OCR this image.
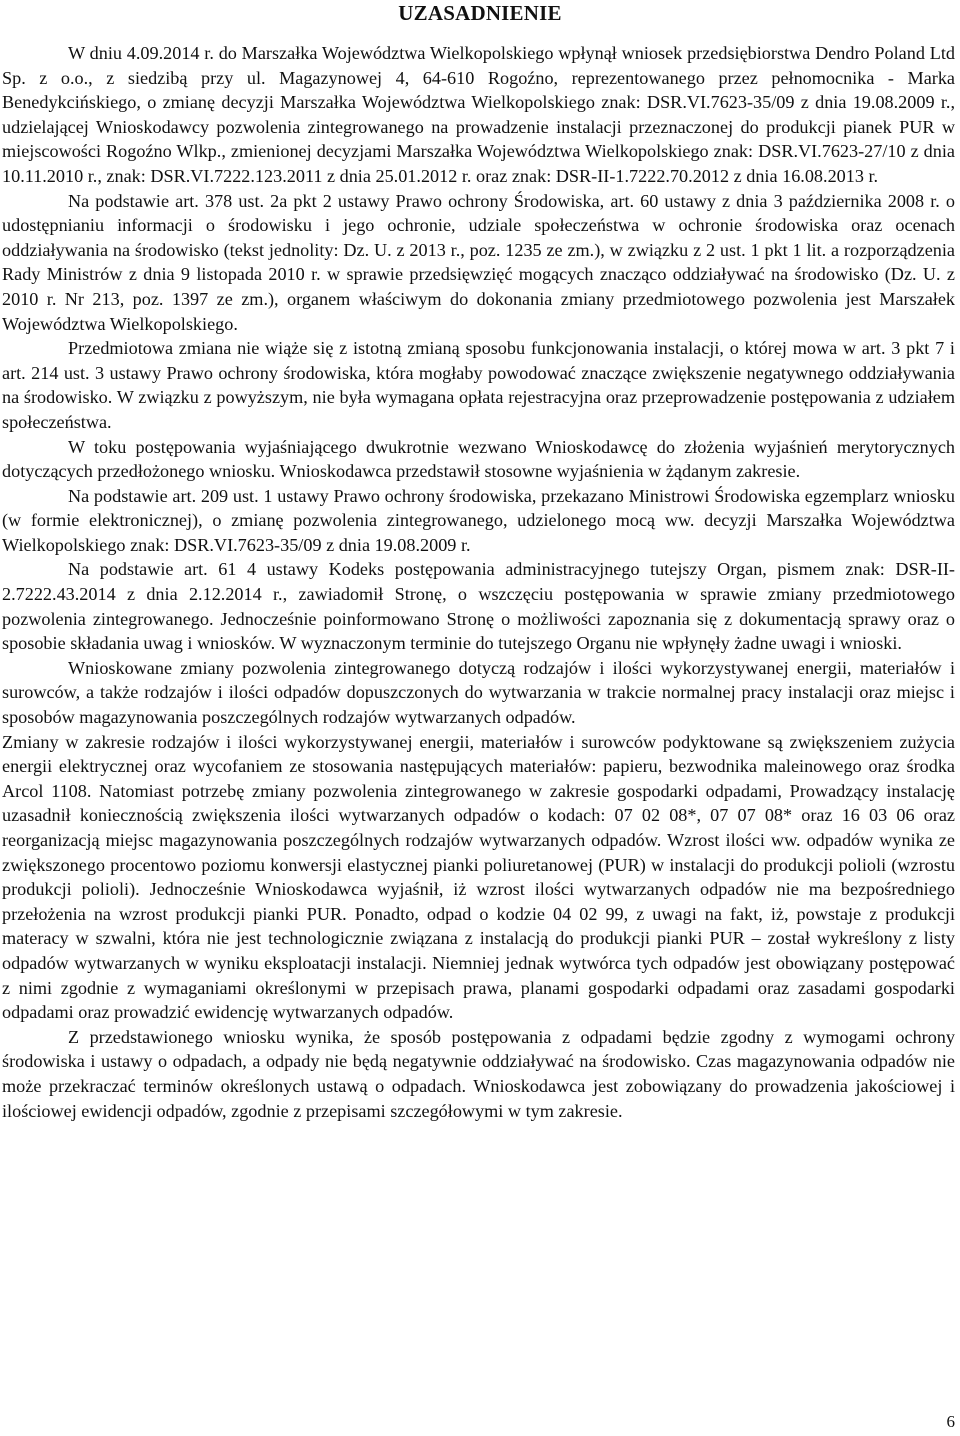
UZASADNIENIE

W dniu 4.09.2014 r. do Marszałka Województwa Wielkopolskiego wpłynął wniosek przedsiębiorstwa Dendro Poland Ltd Sp. z o.o., z siedzibą przy ul. Magazynowej 4, 64-610 Rogoźno, reprezentowanego przez pełnomocnika - Marka Benedykcińskiego, o zmianę decyzji Marszałka Województwa Wielkopolskiego znak: DSR.VI.7623-35/09 z dnia 19.08.2009 r., udzielającej Wnioskodawcy pozwolenia zintegrowanego na prowadzenie instalacji przeznaczonej do produkcji pianek PUR w miejscowości Rogoźno Wlkp., zmienionej decyzjami Marszałka Województwa Wielkopolskiego znak: DSR.VI.7623-27/10 z dnia 10.11.2010 r., znak: DSR.VI.7222.123.2011 z dnia 25.01.2012 r. oraz znak: DSR-II-1.7222.70.2012 z dnia 16.08.2013 r.

Na podstawie art. 378 ust. 2a pkt 2 ustawy Prawo ochrony Środowiska, art. 60 ustawy z dnia 3 października 2008 r. o udostępnianiu informacji o środowisku i jego ochronie, udziale społeczeństwa w ochronie środowiska oraz ocenach oddziaływania na środowisko (tekst jednolity: Dz. U. z 2013 r., poz. 1235 ze zm.), w związku z 2 ust. 1 pkt 1 lit. a rozporządzenia Rady Ministrów z dnia 9 listopada 2010 r. w sprawie przedsięwzięć mogących znacząco oddziaływać na środowisko (Dz. U. z 2010 r. Nr 213, poz. 1397 ze zm.), organem właściwym do dokonania zmiany przedmiotowego pozwolenia jest Marszałek Województwa Wielkopolskiego.

Przedmiotowa zmiana nie wiąże się z istotną zmianą sposobu funkcjonowania instalacji, o której mowa w art. 3 pkt 7 i art. 214 ust. 3 ustawy Prawo ochrony środowiska, która mogłaby powodować znaczące zwiększenie negatywnego oddziaływania na środowisko. W związku z powyższym, nie była wymagana opłata rejestracyjna oraz przeprowadzenie postępowania z udziałem społeczeństwa.

W toku postępowania wyjaśniającego dwukrotnie wezwano Wnioskodawcę do złożenia wyjaśnień merytorycznych dotyczących przedłożonego wniosku. Wnioskodawca przedstawił stosowne wyjaśnienia w żądanym zakresie.

Na podstawie art. 209 ust. 1 ustawy Prawo ochrony środowiska, przekazano Ministrowi Środowiska egzemplarz wniosku (w formie elektronicznej), o zmianę pozwolenia zintegrowanego, udzielonego mocą ww. decyzji Marszałka Województwa Wielkopolskiego znak: DSR.VI.7623-35/09 z dnia 19.08.2009 r.

Na podstawie art. 61 4 ustawy Kodeks postępowania administracyjnego tutejszy Organ, pismem znak: DSR-II-2.7222.43.2014 z dnia 2.12.2014 r., zawiadomił Stronę, o wszczęciu postępowania w sprawie zmiany przedmiotowego pozwolenia zintegrowanego. Jednocześnie poinformowano Stronę o możliwości zapoznania się z dokumentacją sprawy oraz o sposobie składania uwag i wniosków. W wyznaczonym terminie do tutejszego Organu nie wpłynęły żadne uwagi i wnioski.

Wnioskowane zmiany pozwolenia zintegrowanego dotyczą rodzajów i ilości wykorzystywanej energii, materiałów i surowców, a także rodzajów i ilości odpadów dopuszczonych do wytwarzania w trakcie normalnej pracy instalacji oraz miejsc i sposobów magazynowania poszczególnych rodzajów wytwarzanych odpadów.

Zmiany w zakresie rodzajów i ilości wykorzystywanej energii, materiałów i surowców podyktowane są zwiększeniem zużycia energii elektrycznej oraz wycofaniem ze stosowania następujących materiałów: papieru, bezwodnika maleinowego oraz środka Arcol 1108. Natomiast potrzebę zmiany pozwolenia zintegrowanego w zakresie gospodarki odpadami, Prowadzący instalację uzasadnił koniecznością zwiększenia ilości wytwarzanych odpadów o kodach: 07 02 08*, 07 07 08* oraz 16 03 06 oraz reorganizacją miejsc magazynowania poszczególnych rodzajów wytwarzanych odpadów. Wzrost ilości ww. odpadów wynika ze zwiększonego procentowo poziomu konwersji elastycznej pianki poliuretanowej (PUR) w instalacji do produkcji polioli (wzrostu produkcji polioli). Jednocześnie Wnioskodawca wyjaśnił, iż wzrost ilości wytwarzanych odpadów nie ma bezpośredniego przełożenia na wzrost produkcji pianki PUR. Ponadto, odpad o kodzie 04 02 99, z uwagi na fakt, iż, powstaje z produkcji materacy w szwalni, która nie jest technologicznie związana z instalacją do produkcji pianki PUR – został wykreślony z listy odpadów wytwarzanych w wyniku eksploatacji instalacji. Niemniej jednak wytwórca tych odpadów jest obowiązany postępować z nimi zgodnie z wymaganiami określonymi w przepisach prawa, planami gospodarki odpadami oraz zasadami gospodarki odpadami oraz prowadzić ewidencję wytwarzanych odpadów.

Z przedstawionego wniosku wynika, że sposób postępowania z odpadami będzie zgodny z wymogami ochrony środowiska i ustawy o odpadach, a odpady nie będą negatywnie oddziaływać na środowisko. Czas magazynowania odpadów nie może przekraczać terminów określonych ustawą o odpadach. Wnioskodawca jest zobowiązany do prowadzenia jakościowej i ilościowej ewidencji odpadów, zgodnie z przepisami szczegółowymi w tym zakresie.

6
